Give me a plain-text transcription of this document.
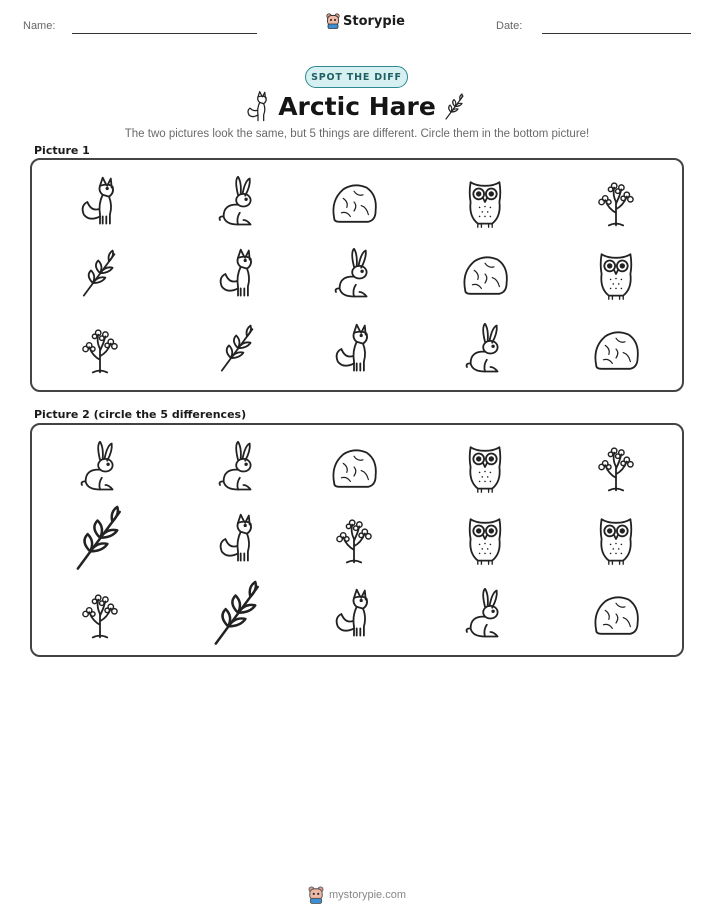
Name:	Storypie	Date:
SPOT THE DIFF
Arctic Hare
The two pictures look the same, but 5 things are different. Circle them in the bottom picture!
Picture 1
Picture 2 (circle the 5 differences)
mystorypie.com
